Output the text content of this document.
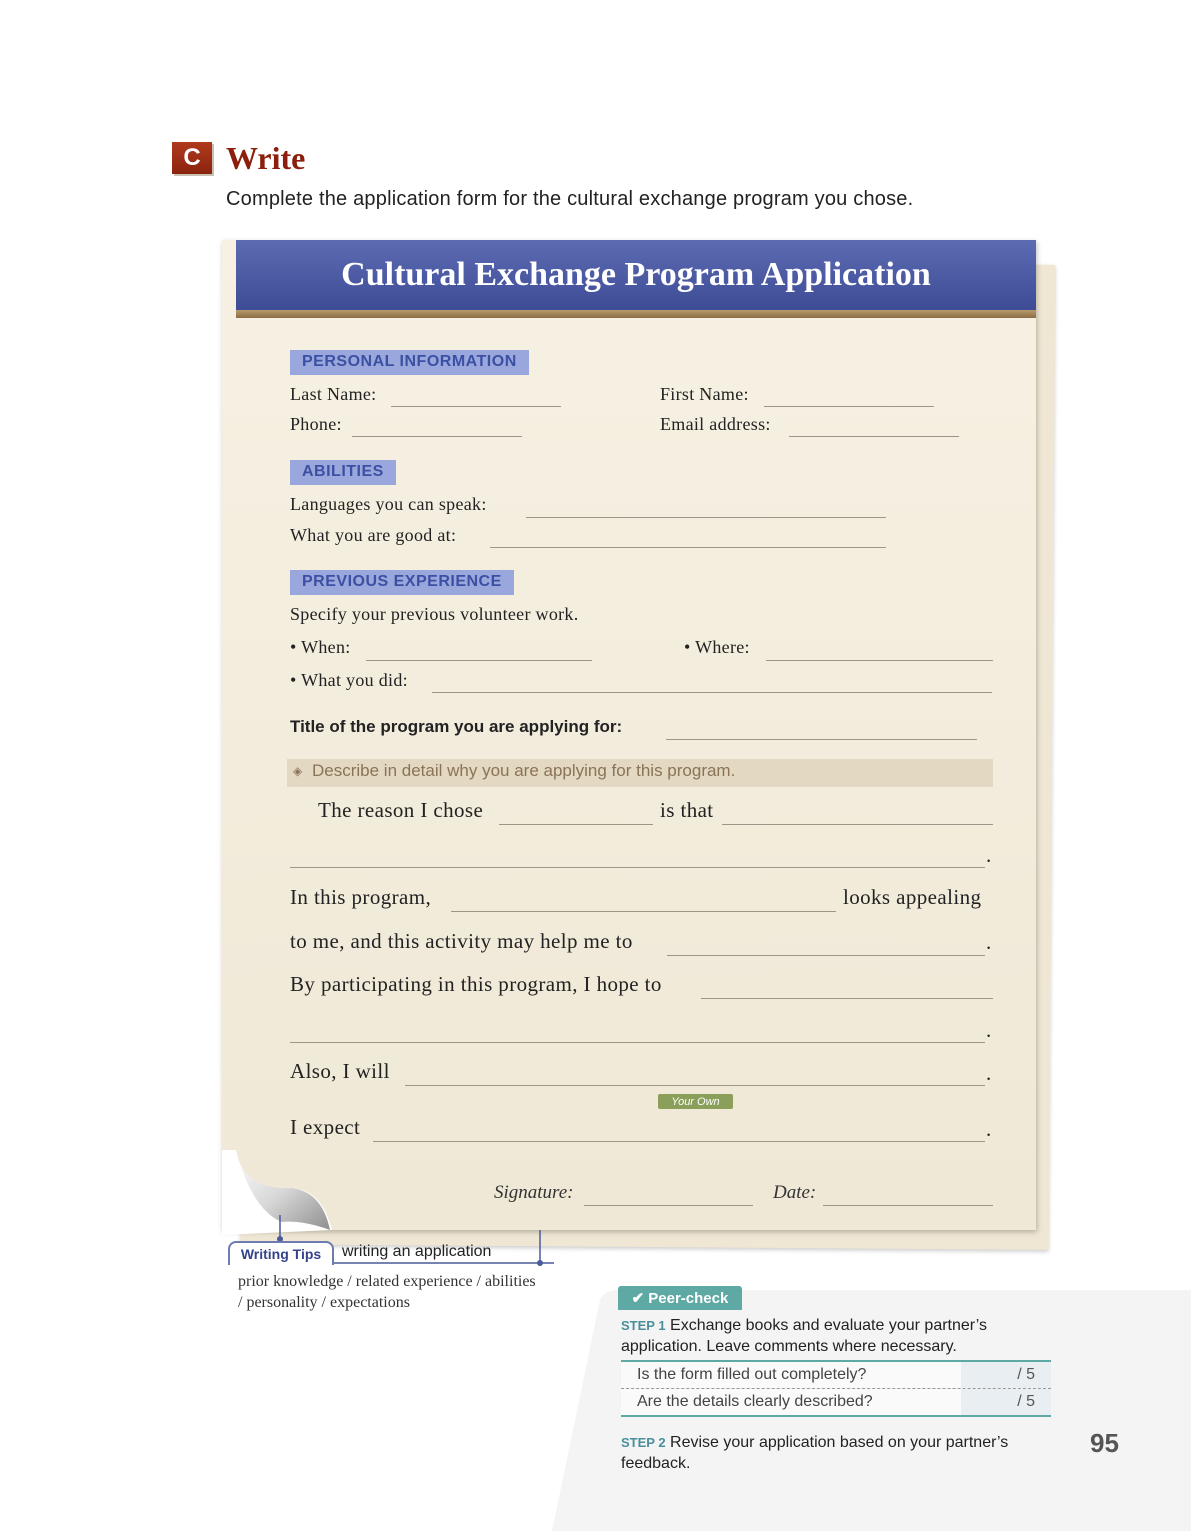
C Write
Complete the application form for the cultural exchange program you chose.
Cultural Exchange Program Application
PERSONAL INFORMATION
Last Name:	First Name:
Phone:	Email address:
ABILITIES
Languages you can speak:
What you are good at:
PREVIOUS EXPERIENCE
Specify your previous volunteer work.
• When:	• Where:
• What you did:
Title of the program you are applying for:
◈ Describe in detail why you are applying for this program.
The reason I chose	is that
.
In this program,	looks appealing
to me, and this activity may help me to	.
By participating in this program, I hope to
.
Also, I will	.
Your Own
I expect	.
Signature:	Date:
Writing Tips	writing an application
prior knowledge / related experience / abilities / personality / expectations	✔ Peer-check
STEP 1 Exchange books and evaluate your partner’s application. Leave comments where necessary.
Is the form filled out completely?	/ 5
Are the details clearly described?	/ 5
STEP 2 Revise your application based on your partner’s feedback.
95
